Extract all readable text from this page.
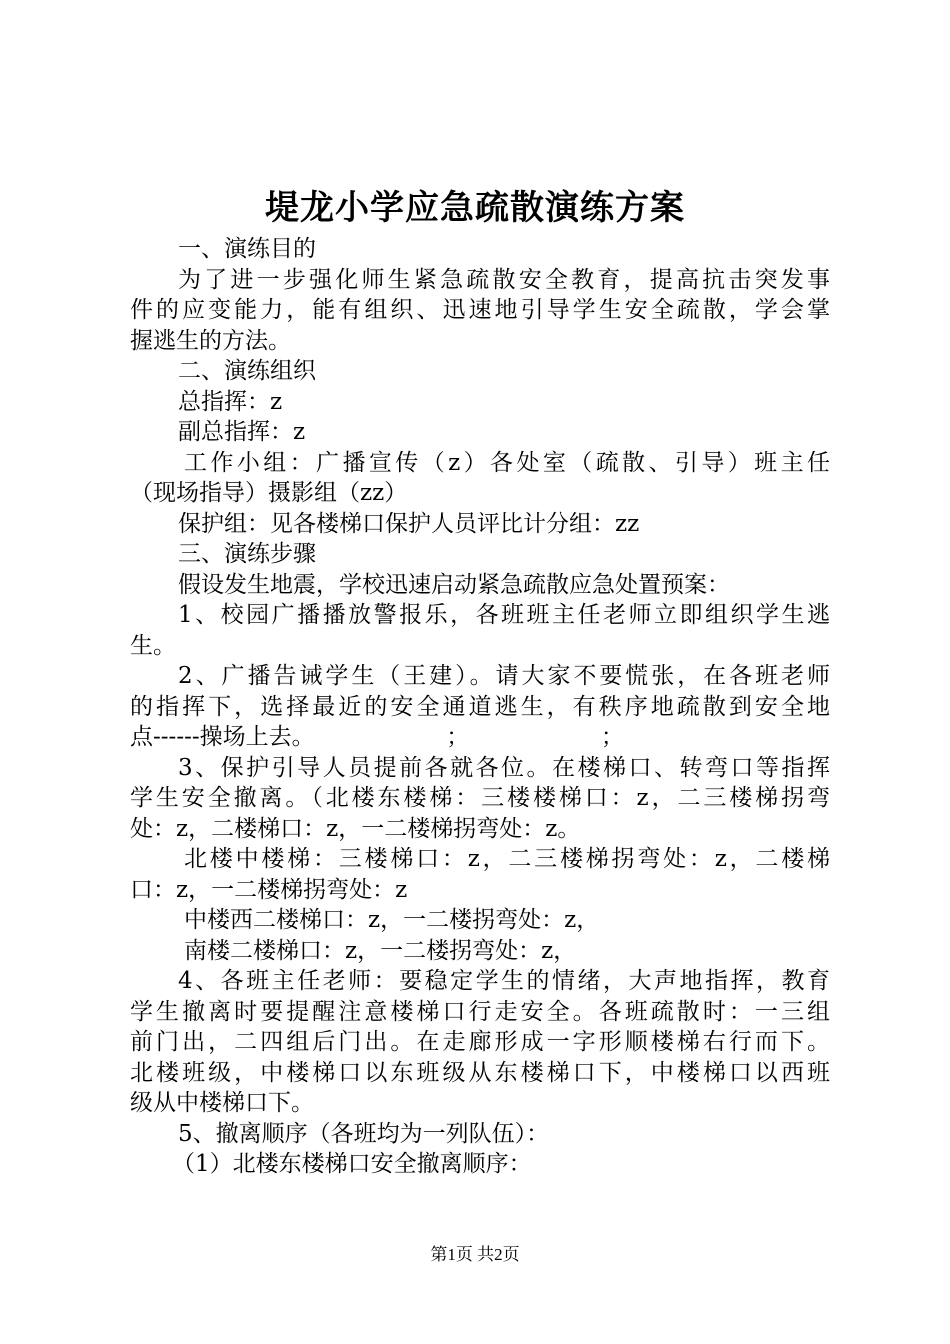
堤龙小学应急疏散演练方案
一、演练目的
为了进一步强化师生紧急疏散安全教育，提高抗击突发事
件的应变能力，能有组织、迅速地引导学生安全疏散，学会掌
握逃生的方法。
二、演练组织
总指挥：z
副总指挥：z
工作小组：广播宣传（z）各处室（疏散、引导）班主任
（现场指导）摄影组（zz）
保护组：见各楼梯口保护人员评比计分组：zz
三、演练步骤
假设发生地震，学校迅速启动紧急疏散应急处置预案：
1、校园广播播放警报乐，各班班主任老师立即组织学生逃
生。
2、广播告诫学生（王建）。请大家不要慌张，在各班老师
的指挥下，选择最近的安全通道逃生，有秩序地疏散到安全地
点------操场上去。                  ；                  ；
3、保护引导人员提前各就各位。在楼梯口、转弯口等指挥
学生安全撤离。（北楼东楼梯：三楼楼梯口：z，二三楼梯拐弯
处：z，二楼梯口：z，一二楼梯拐弯处：z。
北楼中楼梯：三楼梯口：z，二三楼梯拐弯处：z，二楼梯
口：z，一二楼梯拐弯处：z
中楼西二楼梯口：z，一二楼拐弯处：z，
南楼二楼梯口：z，一二楼拐弯处：z，
4、各班主任老师：要稳定学生的情绪，大声地指挥，教育
学生撤离时要提醒注意楼梯口行走安全。各班疏散时：一三组
前门出，二四组后门出。在走廊形成一字形顺楼梯右行而下。
北楼班级，中楼梯口以东班级从东楼梯口下，中楼梯口以西班
级从中楼梯口下。
5、撤离顺序（各班均为一列队伍）：
（1）北楼东楼梯口安全撤离顺序：
第1页 共2页
